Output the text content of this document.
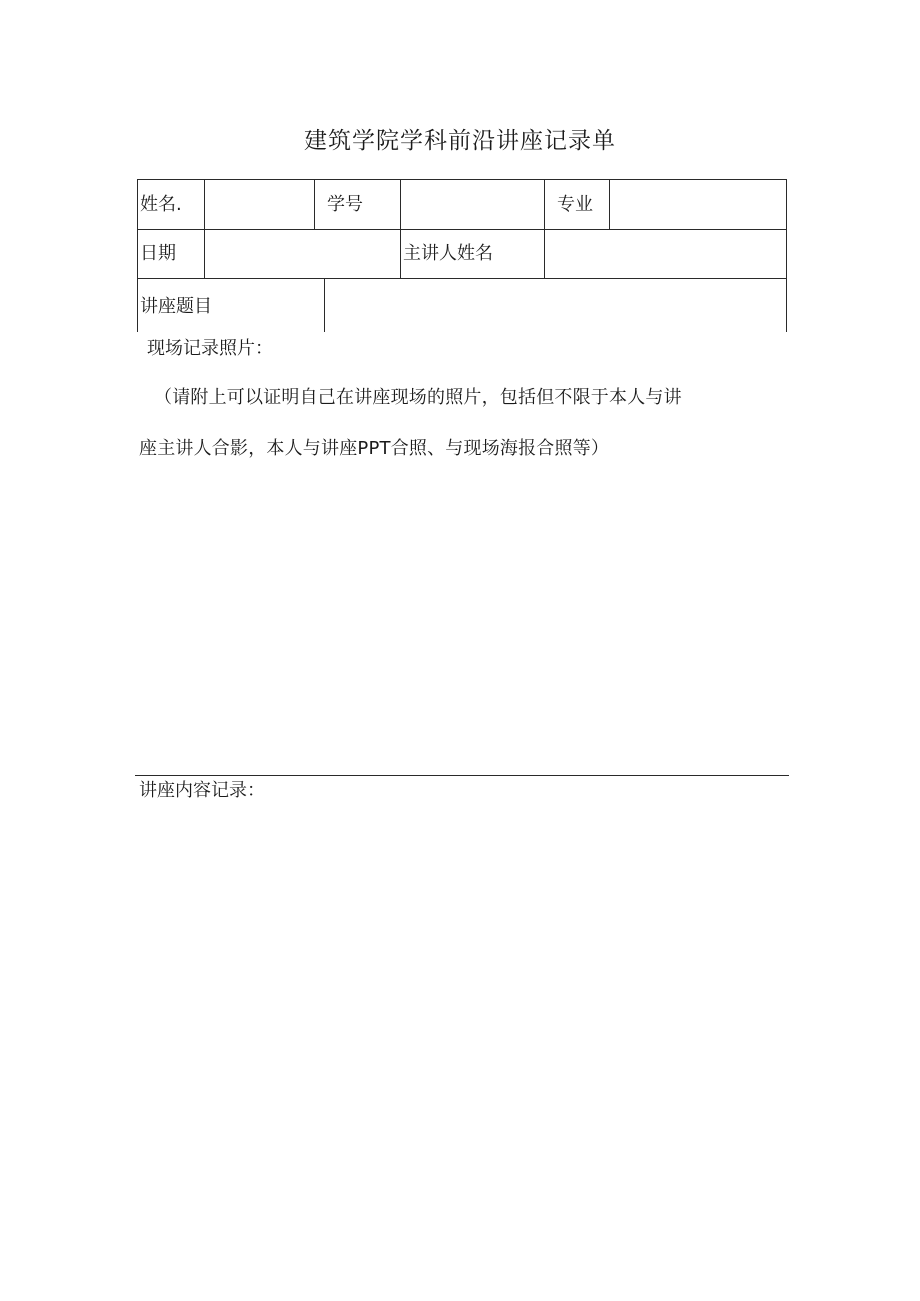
建筑学院学科前沿讲座记录单
姓名.	学号	专业
日期	主讲人姓名
讲座题目
现场记录照片：
（请附上可以证明自己在讲座现场的照片，包括但不限于本人与讲
座主讲人合影，本人与讲座PPT合照、与现场海报合照等）
讲座内容记录：
